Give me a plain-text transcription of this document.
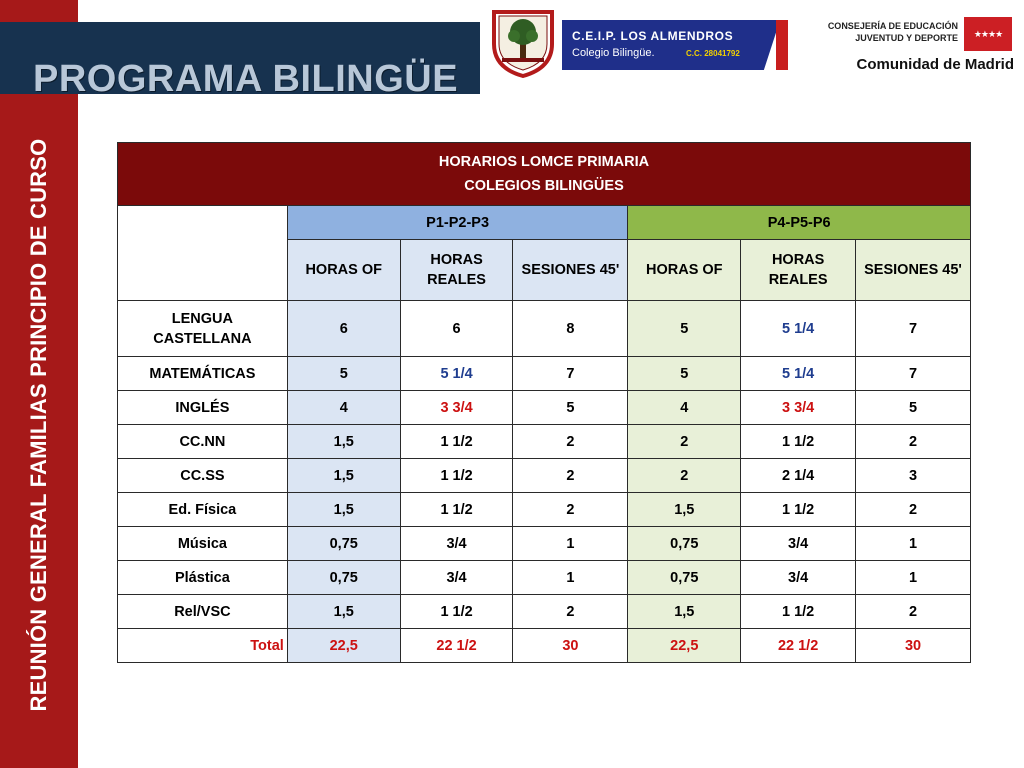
REUNIÓN GENERAL FAMILIAS PRINCIPIO DE CURSO
PROGRAMA BILINGÜE
C.E.I.P. LOS ALMENDROS
Colegio Bilingüe.	C.C. 28041792
CONSEJERÍA DE EDUCACIÓN
JUVENTUD Y DEPORTE	★★★★
Comunidad de Madrid
HORARIOS LOMCE PRIMARIA
COLEGIOS BILINGÜES						

	P1-P2-P3			P4-P5-P6		
	HORAS OF	HORAS REALES	SESIONES 45'	HORAS OF	HORAS REALES	SESIONES 45'
LENGUA CASTELLANA	6	6	8	5	5 1/4	7
MATEMÁTICAS	5	5 1/4	7	5	5 1/4	7
INGLÉS	4	3 3/4	5	4	3 3/4	5
CC.NN	1,5	1 1/2	2	2	1 1/2	2
CC.SS	1,5	1 1/2	2	2	2 1/4	3
Ed. Física	1,5	1 1/2	2	1,5	1 1/2	2
Música	0,75	3/4	1	0,75	3/4	1
Plástica	0,75	3/4	1	0,75	3/4	1
Rel/VSC	1,5	1 1/2	2	1,5	1 1/2	2
Total	22,5	22 1/2	30	22,5	22 1/2	30
